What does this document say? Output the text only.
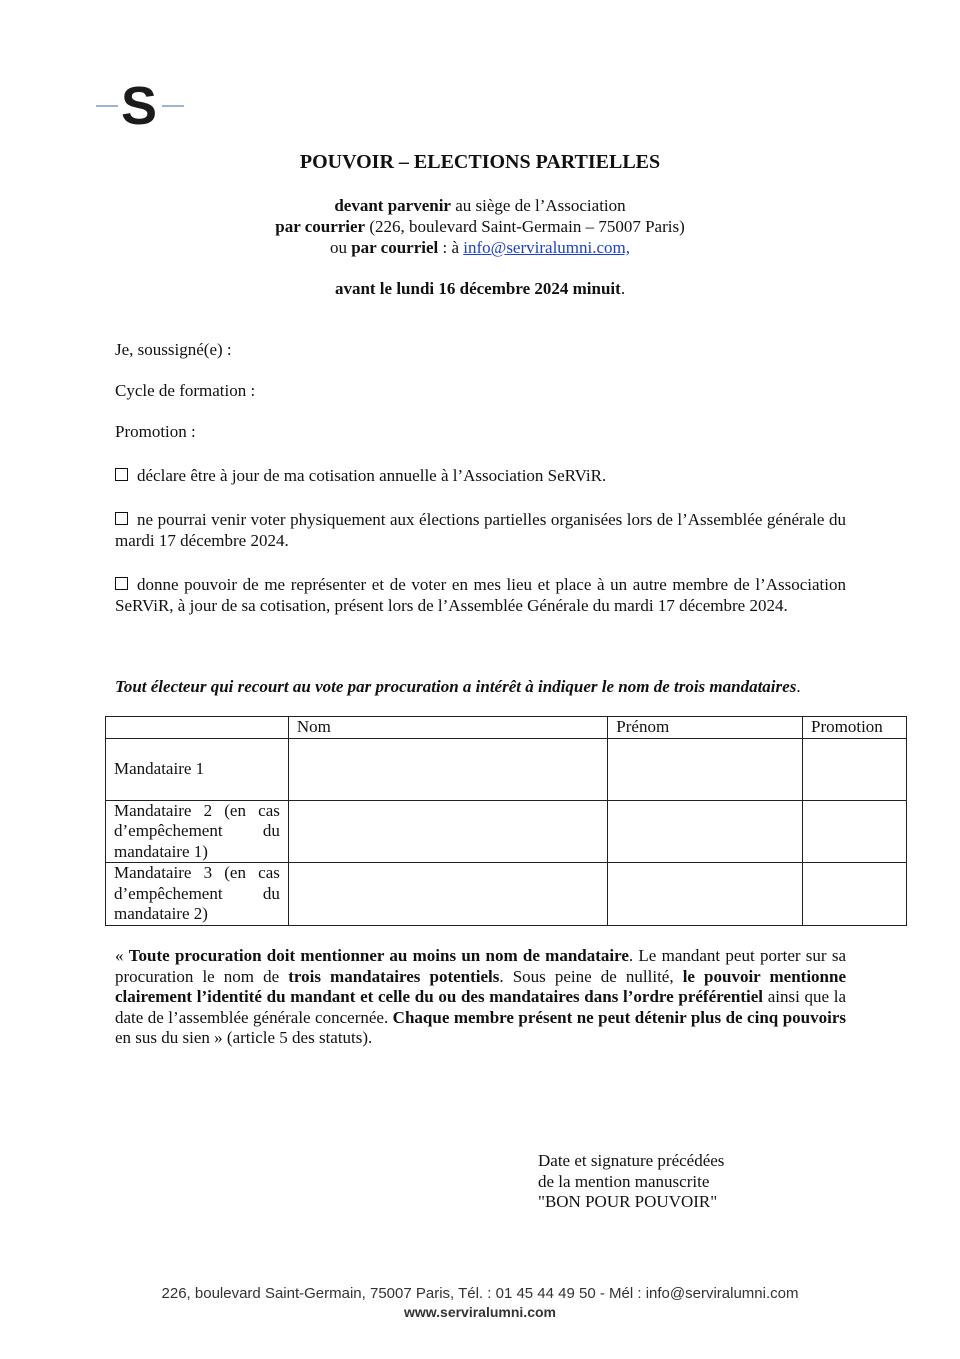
S
POUVOIR – ELECTIONS PARTIELLES
devant parvenir au siège de l’Association
par courrier (226, boulevard Saint-Germain – 75007 Paris)
ou par courriel : à info@serviralumni.com,
avant le lundi 16 décembre 2024 minuit.
Je, soussigné(e) :
Cycle de formation :
Promotion :
déclare être à jour de ma cotisation annuelle à l’Association SeRViR.
ne pourrai venir voter physiquement aux élections partielles organisées lors de l’Assemblée générale du mardi 17 décembre 2024.
donne pouvoir de me représenter et de voter en mes lieu et place à un autre membre de l’Association SeRViR, à jour de sa cotisation, présent lors de l’Assemblée Générale du mardi 17 décembre 2024.
Tout électeur qui recourt au vote par procuration a intérêt à indiquer le nom de trois mandataires.
	Nom	Prénom	Promotion
Mandataire 1			
Mandataire 2 (en cas d’empêchement du mandataire 1)			
Mandataire 3 (en cas d’empêchement du mandataire 2)			
« Toute procuration doit mentionner au moins un nom de mandataire. Le mandant peut porter sur sa procuration le nom de trois mandataires potentiels. Sous peine de nullité, le pouvoir mentionne clairement l’identité du mandant et celle du ou des mandataires dans l’ordre préférentiel ainsi que la date de l’assemblée générale concernée. Chaque membre présent ne peut détenir plus de cinq pouvoirs en sus du sien » (article 5 des statuts).
Date et signature précédées
de la mention manuscrite
"BON POUR POUVOIR"
226, boulevard Saint-Germain, 75007 Paris, Tél. : 01 45 44 49 50 - Mél : info@serviralumni.com
www.serviralumni.com
